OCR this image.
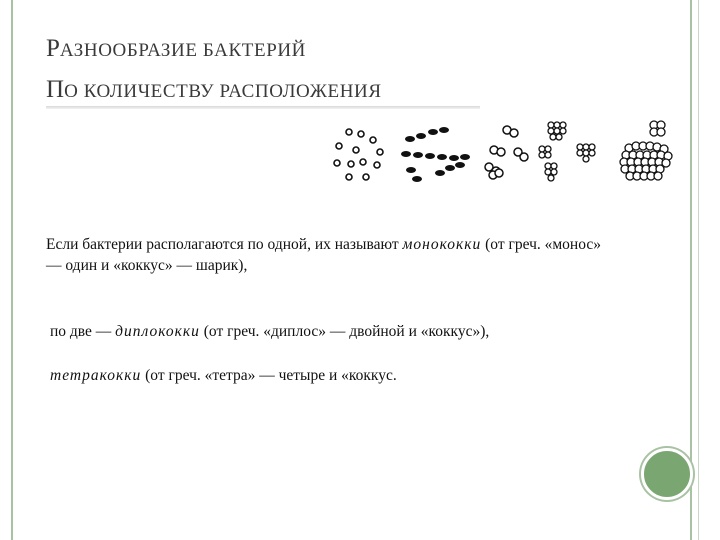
РАЗНООБРАЗИЕ БАКТЕРИЙ
ПО КОЛИЧЕСТВУ РАСПОЛОЖЕНИЯ
Если бактерии располагаются по одной, их называют монококки (от греч. «монос» — один и «коккус» — шарик),
по две — диплококки (от греч. «диплос» — двойной и «коккус»),
тетракокки (от греч. «тетра» — четыре и «коккус.
